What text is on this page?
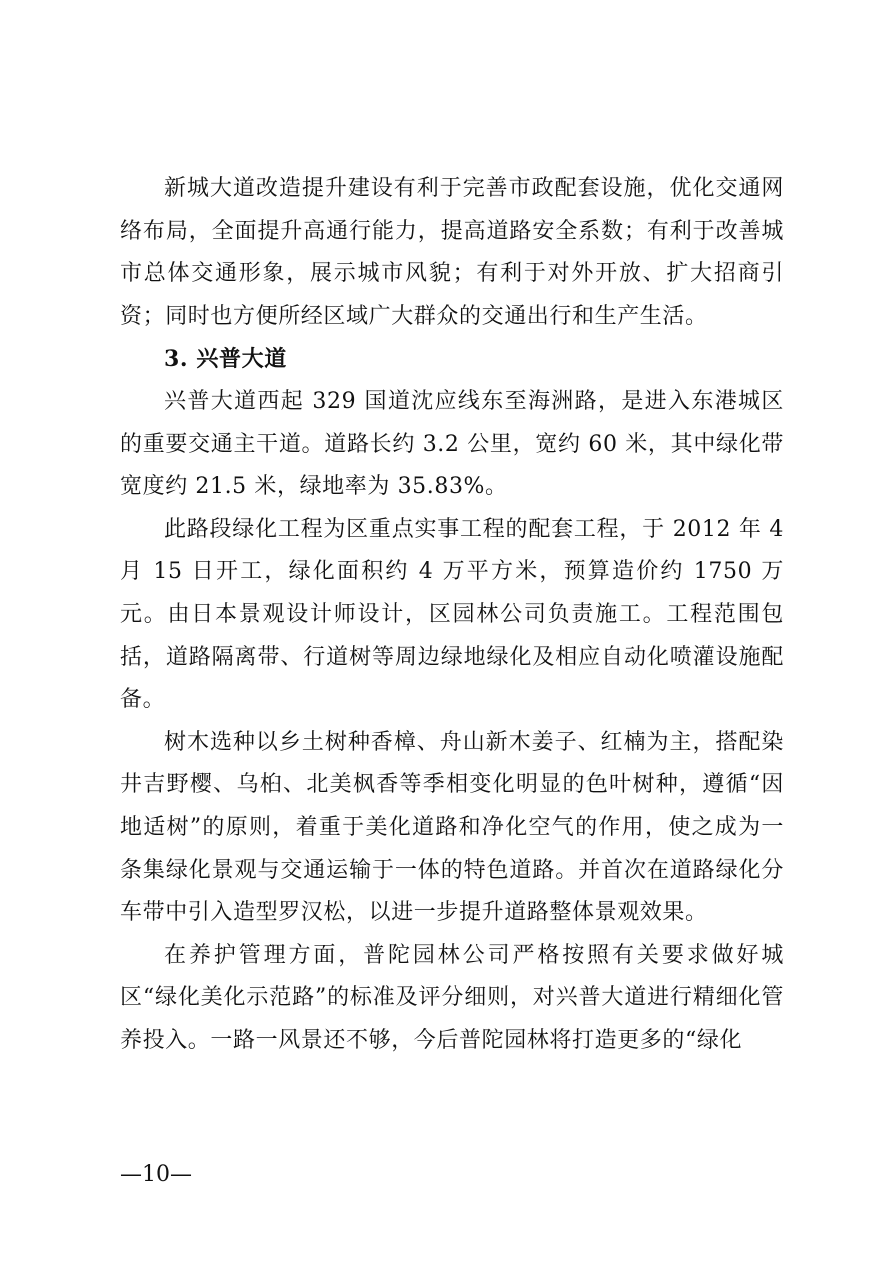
新城大道改造提升建设有利于完善市政配套设施，优化交通网络布局，全面提升高通行能力，提高道路安全系数；有利于改善城市总体交通形象，展示城市风貌；有利于对外开放、扩大招商引资；同时也方便所经区域广大群众的交通出行和生产生活。

3. 兴普大道

兴普大道西起 329 国道沈应线东至海洲路，是进入东港城区的重要交通主干道。道路长约 3.2 公里，宽约 60 米，其中绿化带宽度约 21.5 米，绿地率为 35.83%。

此路段绿化工程为区重点实事工程的配套工程，于 2012 年 4 月 15 日开工，绿化面积约 4 万平方米，预算造价约 1750 万元。由日本景观设计师设计，区园林公司负责施工。工程范围包括，道路隔离带、行道树等周边绿地绿化及相应自动化喷灌设施配备。

树木选种以乡土树种香樟、舟山新木姜子、红楠为主，搭配染井吉野樱、乌桕、北美枫香等季相变化明显的色叶树种，遵循“因地适树”的原则，着重于美化道路和净化空气的作用，使之成为一条集绿化景观与交通运输于一体的特色道路。并首次在道路绿化分车带中引入造型罗汉松，以进一步提升道路整体景观效果。

在养护管理方面，普陀园林公司严格按照有关要求做好城区“绿化美化示范路”的标准及评分细则，对兴普大道进行精细化管养投入。一路一风景还不够，今后普陀园林将打造更多的“绿化

—10—
